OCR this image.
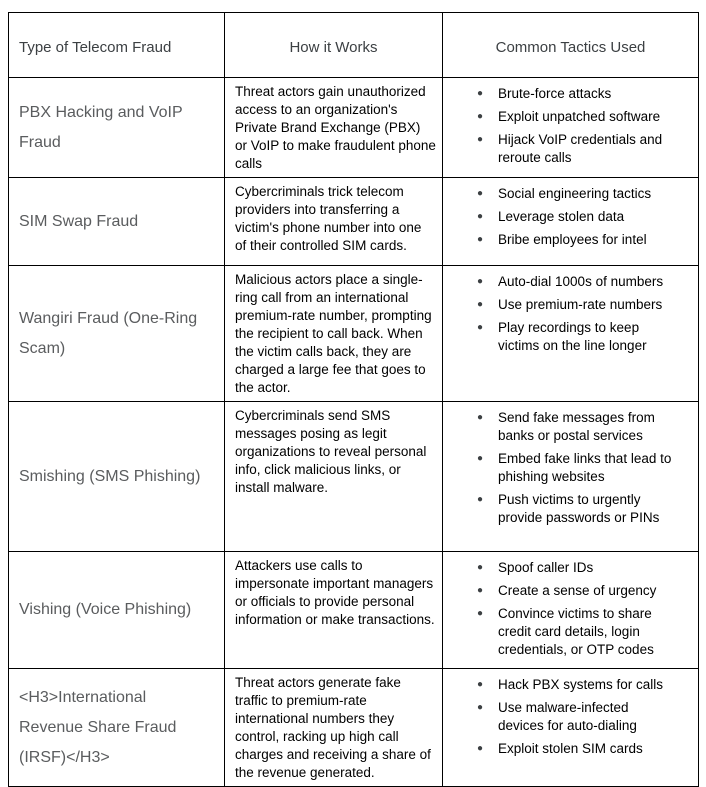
Type of Telecom Fraud	How it Works	Common Tactics Used
PBX Hacking and VoIP Fraud	Threat actors gain unauthorized access to an organization's Private Brand Exchange (PBX) or VoIP to make fraudulent phone calls	
● Brute-force attacks
● Exploit unpatched software
● Hijack VoIP credentials and reroute calls

SIM Swap Fraud	Cybercriminals trick telecom providers into transferring a victim's phone number into one of their controlled SIM cards.	
● Social engineering tactics
● Leverage stolen data
● Bribe employees for intel

Wangiri Fraud (One-Ring Scam)	Malicious actors place a single-ring call from an international premium-rate number, prompting the recipient to call back. When the victim calls back, they are charged a large fee that goes to the actor.	
● Auto-dial 1000s of numbers
● Use premium-rate numbers
● Play recordings to keep victims on the line longer

Smishing (SMS Phishing)	Cybercriminals send SMS messages posing as legit organizations to reveal personal info, click malicious links, or install malware.	
● Send fake messages from banks or postal services
● Embed fake links that lead to phishing websites
● Push victims to urgently provide passwords or PINs

Vishing (Voice Phishing)	Attackers use calls to impersonate important managers or officials to provide personal information or make transactions.	
● Spoof caller IDs
● Create a sense of urgency
● Convince victims to share credit card details, login credentials, or OTP codes

<H3>International Revenue Share Fraud (IRSF)</H3>	Threat actors generate fake traffic to premium-rate international numbers they control, racking up high call charges and receiving a share of the revenue generated.	
● Hack PBX systems for calls
● Use malware-infected devices for auto-dialing
● Exploit stolen SIM cards
